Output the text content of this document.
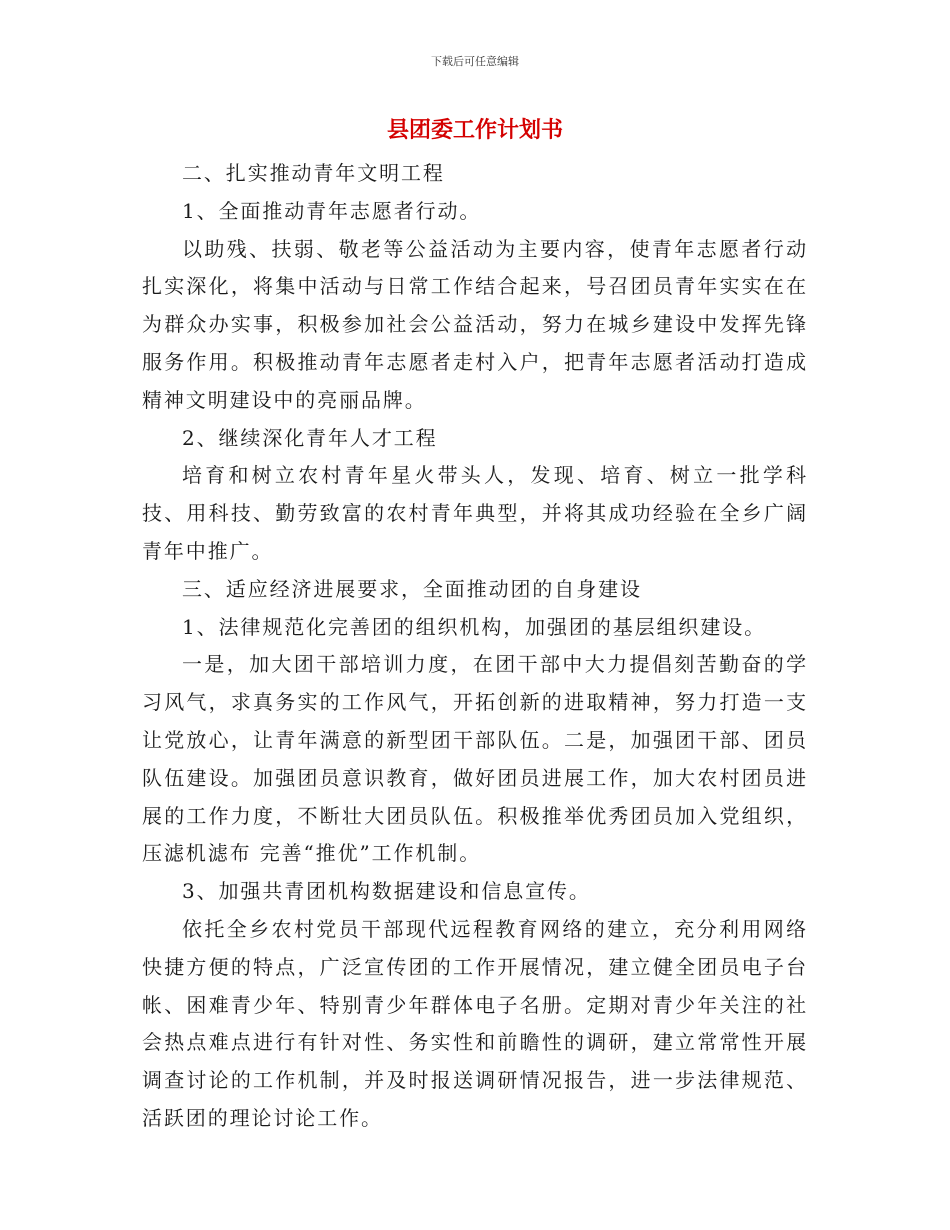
下载后可任意编辑
县团委工作计划书

二、扎实推动青年文明工程

1、全面推动青年志愿者行动。

以助残、扶弱、敬老等公益活动为主要内容，使青年志愿者行动扎实深化，将集中活动与日常工作结合起来，号召团员青年实实在在为群众办实事，积极参加社会公益活动，努力在城乡建设中发挥先锋服务作用。积极推动青年志愿者走村入户，把青年志愿者活动打造成精神文明建设中的亮丽品牌。

2、继续深化青年人才工程

培育和树立农村青年星火带头人，发现、培育、树立一批学科技、用科技、勤劳致富的农村青年典型，并将其成功经验在全乡广阔青年中推广。

三、适应经济进展要求，全面推动团的自身建设

1、法律规范化完善团的组织机构，加强团的基层组织建设。

一是，加大团干部培训力度，在团干部中大力提倡刻苦勤奋的学习风气，求真务实的工作风气，开拓创新的进取精神，努力打造一支让党放心，让青年满意的新型团干部队伍。二是，加强团干部、团员队伍建设。加强团员意识教育，做好团员进展工作，加大农村团员进展的工作力度，不断壮大团员队伍。积极推举优秀团员加入党组织，压滤机滤布 完善“推优”工作机制。

3、加强共青团机构数据建设和信息宣传。

依托全乡农村党员干部现代远程教育网络的建立，充分利用网络快捷方便的特点，广泛宣传团的工作开展情况，建立健全团员电子台帐、困难青少年、特别青少年群体电子名册。定期对青少年关注的社会热点难点进行有针对性、务实性和前瞻性的调研，建立常常性开展调查讨论的工作机制，并及时报送调研情况报告，进一步法律规范、活跃团的理论讨论工作。
